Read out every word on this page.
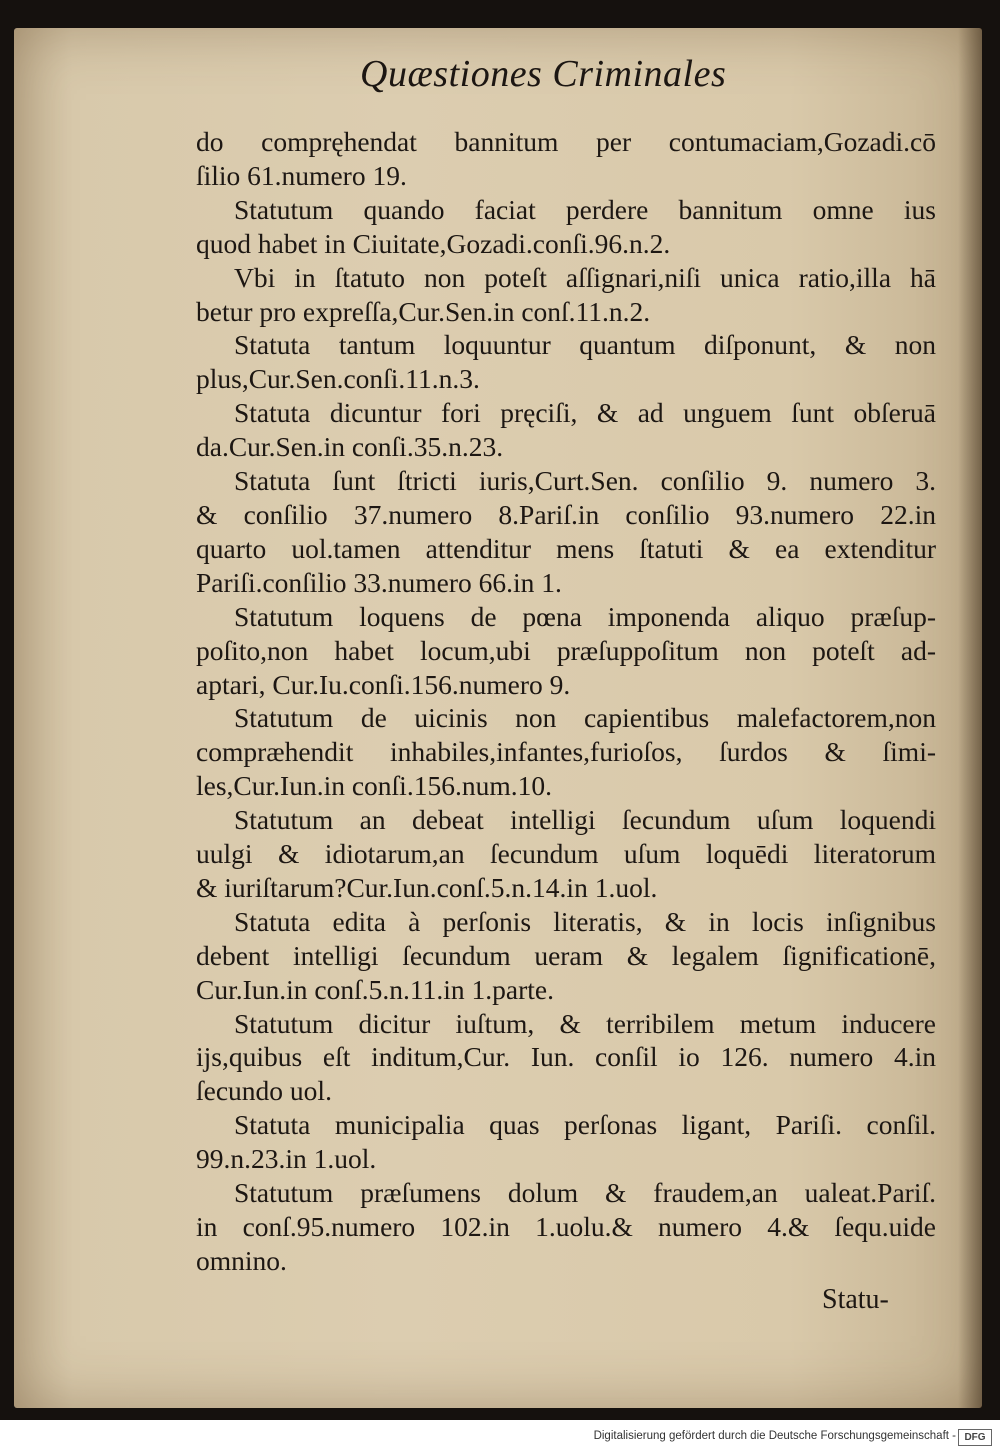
Quæstiones Criminales
do compręhendat bannitum per contumaciam,Gozadi.cō
ſilio 61.numero 19.
Statutum quando faciat perdere bannitum omne ius
quod habet in Ciuitate,Gozadi.conſi.96.n.2.
Vbi in ſtatuto non poteſt aſſignari,niſi unica ratio,illa hā
betur pro expreſſa,Cur.Sen.in conſ.11.n.2.
Statuta tantum loquuntur quantum diſponunt, & non
plus,Cur.Sen.conſi.11.n.3.
Statuta dicuntur fori pręciſi, & ad unguem ſunt obſeruā
da.Cur.Sen.in conſi.35.n.23.
Statuta ſunt ſtricti iuris,Curt.Sen. conſilio 9. numero 3.
& conſilio 37.numero 8.Pariſ.in conſilio 93.numero 22.in
quarto uol.tamen attenditur mens ſtatuti & ea extenditur
Pariſi.conſilio 33.numero 66.in 1.
Statutum loquens de pœna imponenda aliquo præſup-
poſito,non habet locum,ubi præſuppoſitum non poteſt ad-
aptari, Cur.Iu.conſi.156.numero 9.
Statutum de uicinis non capientibus malefactorem,non
compræhendit inhabiles,infantes,furioſos, ſurdos & ſimi-
les,Cur.Iun.in conſi.156.num.10.
Statutum an debeat intelligi ſecundum uſum loquendi
uulgi & idiotarum,an ſecundum uſum loquēdi literatorum
& iuriſtarum?Cur.Iun.conſ.5.n.14.in 1.uol.
Statuta edita à perſonis literatis, & in locis inſignibus
debent intelligi ſecundum ueram & legalem ſignificationē,
Cur.Iun.in conſ.5.n.11.in 1.parte.
Statutum dicitur iuſtum, & terribilem metum inducere
ijs,quibus eſt inditum,Cur. Iun. conſil io 126. numero 4.in
ſecundo uol.
Statuta municipalia quas perſonas ligant, Pariſi. conſil.
99.n.23.in 1.uol.
Statutum præſumens dolum & fraudem,an ualeat.Pariſ.
in conſ.95.numero 102.in 1.uolu.& numero 4.& ſequ.uide
omnino.
Statu-
Digitalisierung gefördert durch die Deutsche Forschungsgemeinschaft - DFG
